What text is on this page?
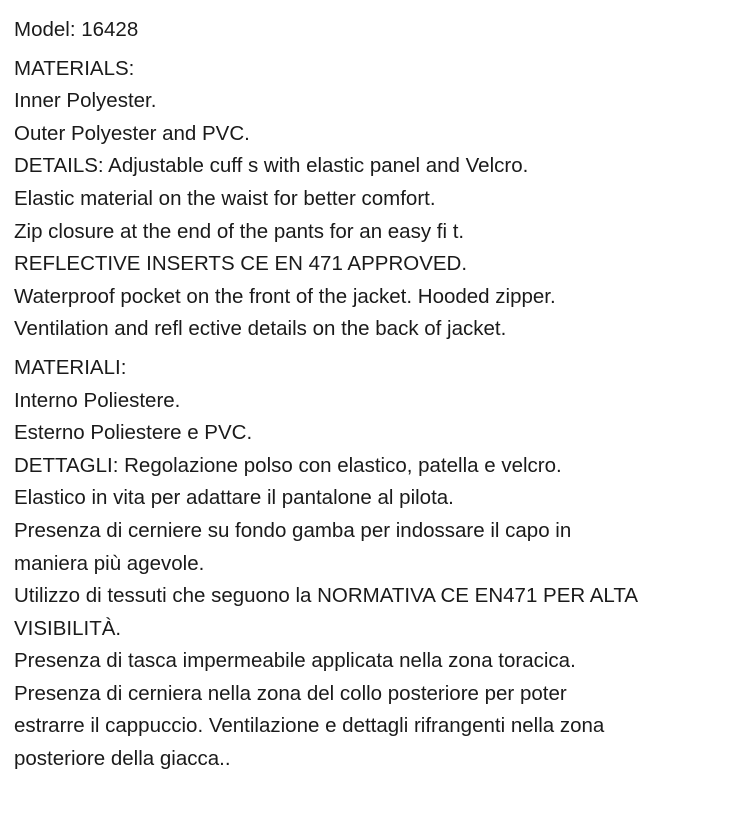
Model: 16428
MATERIALS:
Inner Polyester.
Outer Polyester and PVC.
DETAILS: Adjustable cuff s with elastic panel and Velcro.
Elastic material on the waist for better comfort.
Zip closure at the end of the pants for an easy fi t.
REFLECTIVE INSERTS CE EN 471 APPROVED.
Waterproof pocket on the front of the jacket. Hooded zipper.
Ventilation and refl ective details on the back of jacket.
MATERIALI:
Interno Poliestere.
Esterno Poliestere e PVC.
DETTAGLI: Regolazione polso con elastico, patella e velcro.
Elastico in vita per adattare il pantalone al pilota.
Presenza di cerniere su fondo gamba per indossare il capo in
maniera più agevole.
Utilizzo di tessuti che seguono la NORMATIVA CE EN471 PER ALTA
VISIBILITÀ.
Presenza di tasca impermeabile applicata nella zona toracica.
Presenza di cerniera nella zona del collo posteriore per poter
estrarre il cappuccio. Ventilazione e dettagli rifrangenti nella zona
posteriore della giacca..
